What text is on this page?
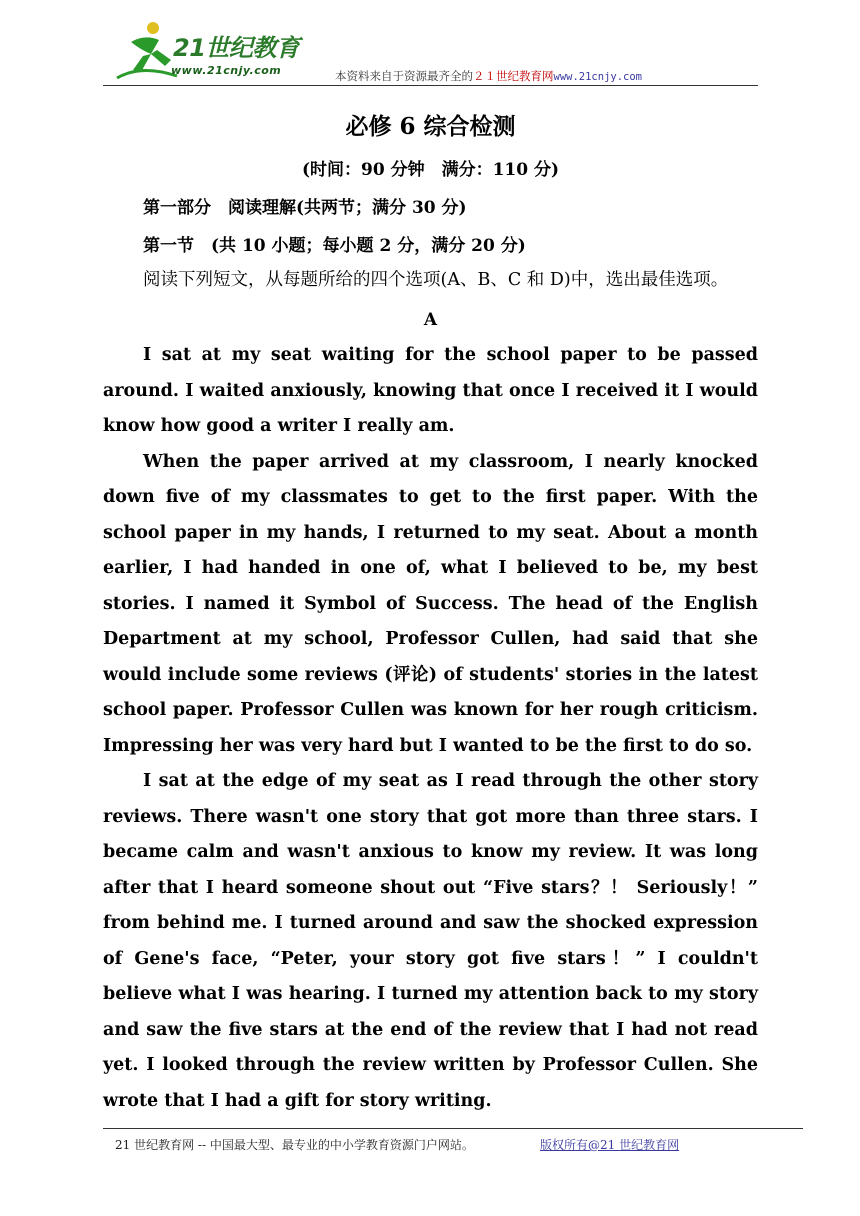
21世纪教育
www.21cnjy.com	本资料来自于资源最齐全的２１世纪教育网www.21cnjy.com
必修 6 综合检测
(时间：90 分钟　满分：110 分)
第一部分　阅读理解(共两节；满分 30 分)
第一节　(共 10 小题；每小题 2 分，满分 20 分)
阅读下列短文，从每题所给的四个选项(A、B、C 和 D)中，选出最佳选项。
A

I sat at my seat waiting for the school paper to be passed around. I waited anxiously, knowing that once I received it I would know how good a writer I really am.

When the paper arrived at my classroom, I nearly knocked down five of my classmates to get to the first paper. With the school paper in my hands, I returned to my seat. About a month earlier, I had handed in one of, what I believed to be, my best stories. I named it Symbol of Success. The head of the English Department at my school, Professor Cullen, had said that she would include some reviews (评论) of students' stories in the latest school paper. Professor Cullen was known for her rough criticism. Impressing her was very hard but I wanted to be the first to do so.

I sat at the edge of my seat as I read through the other story reviews. There wasn't one story that got more than three stars. I became calm and wasn't anxious to know my review. It was long after that I heard someone shout out “Five stars？！ Seriously！” from behind me. I turned around and saw the shocked expression of Gene's face, “Peter, your story got five stars！” I couldn't believe what I was hearing. I turned my attention back to my story and saw the five stars at the end of the review that I had not read yet. I looked through the review written by Professor Cullen. She wrote that I had a gift for story writing.

21 世纪教育网 -- 中国最大型、最专业的中小学教育资源门户网站。	版权所有@21 世纪教育网
